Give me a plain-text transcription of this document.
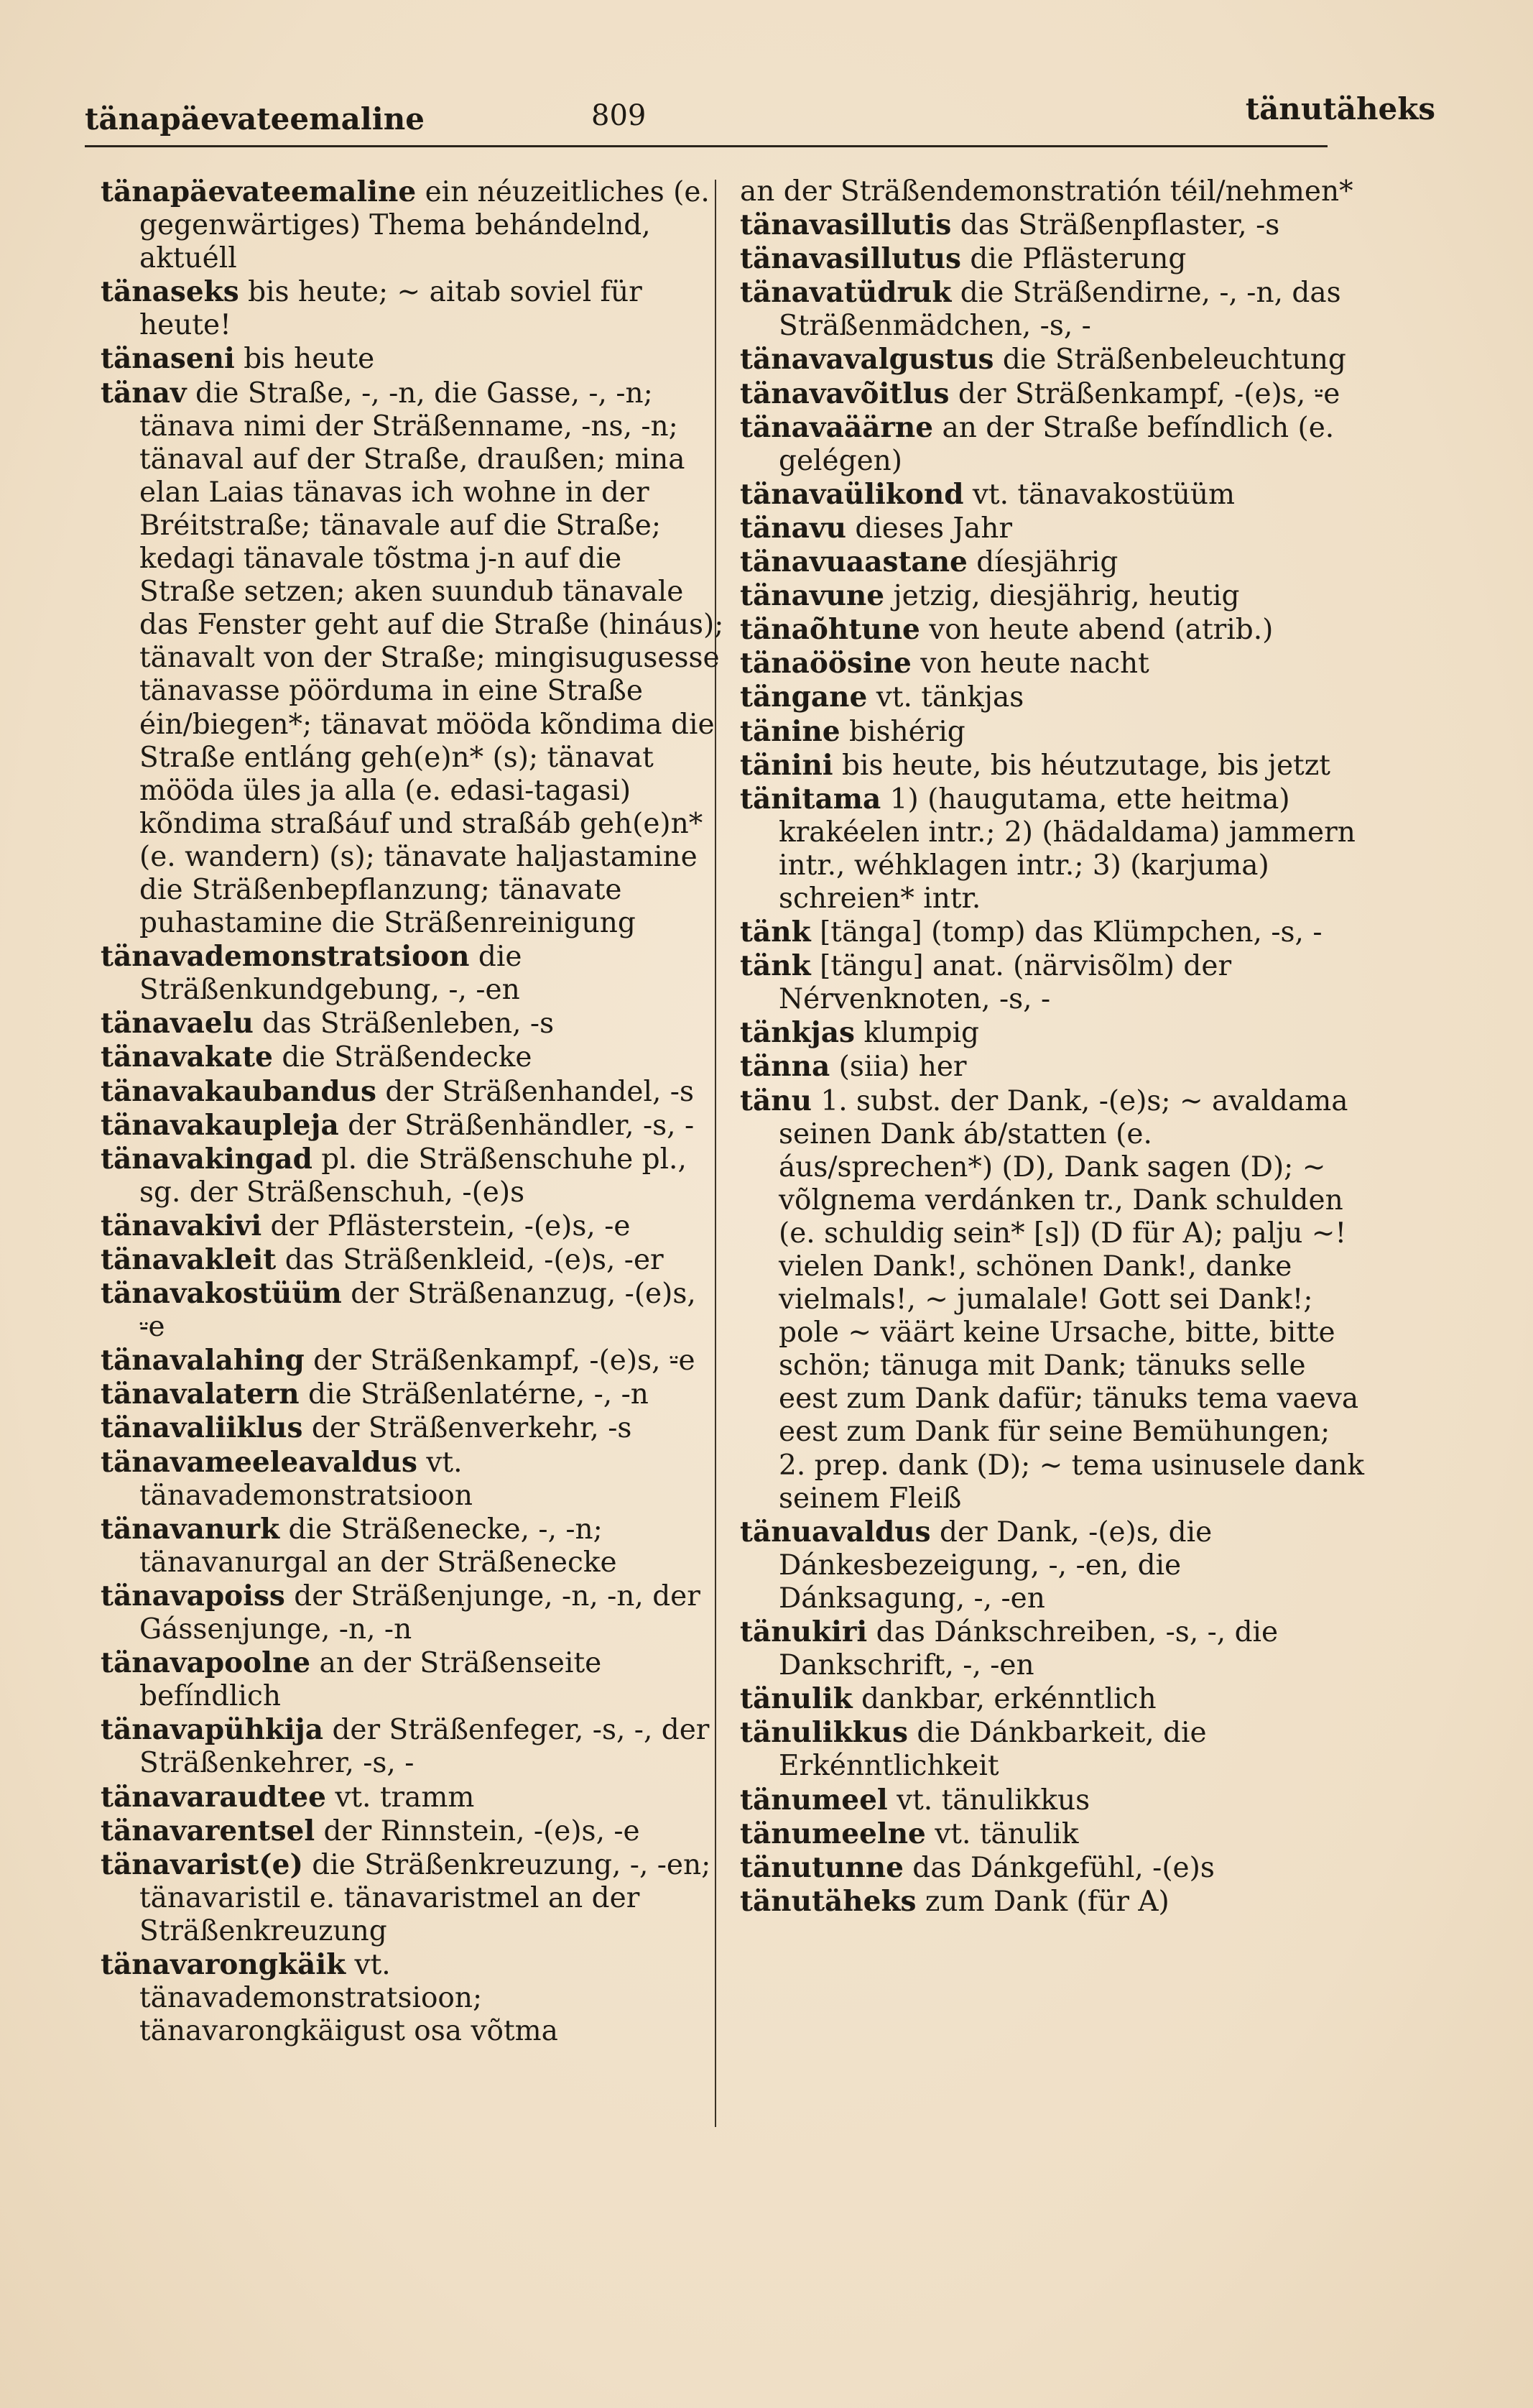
tänapäevateemaline	809	tänutäheks

tänapäevateemaline ein néuzeitliches (e. gegenwärtiges) Thema behándelnd, aktuéll

tänaseks bis heute; ~ aitab soviel für heute!

tänaseni bis heute

tänav die Straße, -, -n, die Gasse, -, -n; tänava nimi der Sträßenname, -ns, -n; tänaval auf der Straße, draußen; mina elan Laias tänavas ich wohne in der Bréitstraße; tänavale auf die Straße; kedagi tänavale tõstma j-n auf die Straße setzen; aken suundub tänavale das Fenster geht auf die Straße (hináus); tänavalt von der Straße; mingisugusesse tänavasse pöörduma in eine Straße éin/biegen*; tänavat mööda kõndima die Straße entláng geh(e)n* (s); tänavat mööda üles ja alla (e. edasi-tagasi) kõndima straßáuf und straßáb geh(e)n* (e. wandern) (s); tänavate haljastamine die Sträßenbepflanzung; tänavate puhastamine die Sträßenreinigung

tänavademonstratsioon die Sträßenkundgebung, -, -en

tänavaelu das Sträßenleben, -s

tänavakate die Sträßendecke

tänavakaubandus der Sträßenhandel, -s

tänavakaupleja der Sträßenhändler, -s, -

tänavakingad pl. die Sträßenschuhe pl., sg. der Sträßenschuh, -(e)s

tänavakivi der Pflästerstein, -(e)s, -e

tänavakleit das Sträßenkleid, -(e)s, -er

tänavakostüüm der Sträßenanzug, -(e)s, ⸚e

tänavalahing der Sträßenkampf, -(e)s, ⸚e

tänavalatern die Sträßenlatérne, -, -n

tänavaliiklus der Sträßenverkehr, -s

tänavameeleavaldus vt. tänavademonstratsioon

tänavanurk die Sträßenecke, -, -n; tänavanurgal an der Sträßenecke

tänavapoiss der Sträßenjunge, -n, -n, der Gássenjunge, -n, -n

tänavapoolne an der Sträßenseite befíndlich

tänavapühkija der Sträßenfeger, -s, -, der Sträßenkehrer, -s, -

tänavaraudtee vt. tramm

tänavarentsel der Rinnstein, -(e)s, -e

tänavarist(e) die Sträßenkreuzung, -, -en; tänavaristil e. tänavaristmel an der Sträßenkreuzung

tänavarongkäik vt. tänavademonstratsioon; tänavarongkäigust osa võtma

an der Sträßendemonstratión téil/nehmen*

tänavasillutis das Sträßenpflaster, -s

tänavasillutus die Pflästerung

tänavatüdruk die Sträßendirne, -, -n, das Sträßenmädchen, -s, -

tänavavalgustus die Sträßenbeleuchtung

tänavavõitlus der Sträßenkampf, -(e)s, ⸚e

tänavaäärne an der Straße befíndlich (e. gelégen)

tänavaülikond vt. tänavakostüüm

tänavu dieses Jahr

tänavuaastane díesjährig

tänavune jetzig, diesjährig, heutig

tänaõhtune von heute abend (atrib.)

tänaöösine von heute nacht

tängane vt. tänkjas

tänine bishérig

tänini bis heute, bis héutzutage, bis jetzt

tänitama 1) (haugutama, ette heitma) krakéelen intr.; 2) (hädaldama) jammern intr., wéhklagen intr.; 3) (karjuma) schreien* intr.

tänk [tänga] (tomp) das Klümpchen, -s, -

tänk [tängu] anat. (närvisõlm) der Nérvenknoten, -s, -

tänkjas klumpig

tänna (siia) her

tänu 1. subst. der Dank, -(e)s; ~ avaldama seinen Dank áb/statten (e. áus/sprechen*) (D), Dank sagen (D); ~ võlgnema verdánken tr., Dank schulden (e. schuldig sein* [s]) (D für A); palju ~! vielen Dank!, schönen Dank!, danke vielmals!, ~ jumalale! Gott sei Dank!; pole ~ väärt keine Ursache, bitte, bitte schön; tänuga mit Dank; tänuks selle eest zum Dank dafür; tänuks tema vaeva eest zum Dank für seine Bemühungen; 2. prep. dank (D); ~ tema usinusele dank seinem Fleiß

tänuavaldus der Dank, -(e)s, die Dánkesbezeigung, -, -en, die Dánksagung, -, -en

tänukiri das Dánkschreiben, -s, -, die Dankschrift, -, -en

tänulik dankbar, erkénntlich

tänulikkus die Dánkbarkeit, die Erkénntlichkeit

tänumeel vt. tänulikkus

tänumeelne vt. tänulik

tänutunne das Dánkgefühl, -(e)s

tänutäheks zum Dank (für A)
